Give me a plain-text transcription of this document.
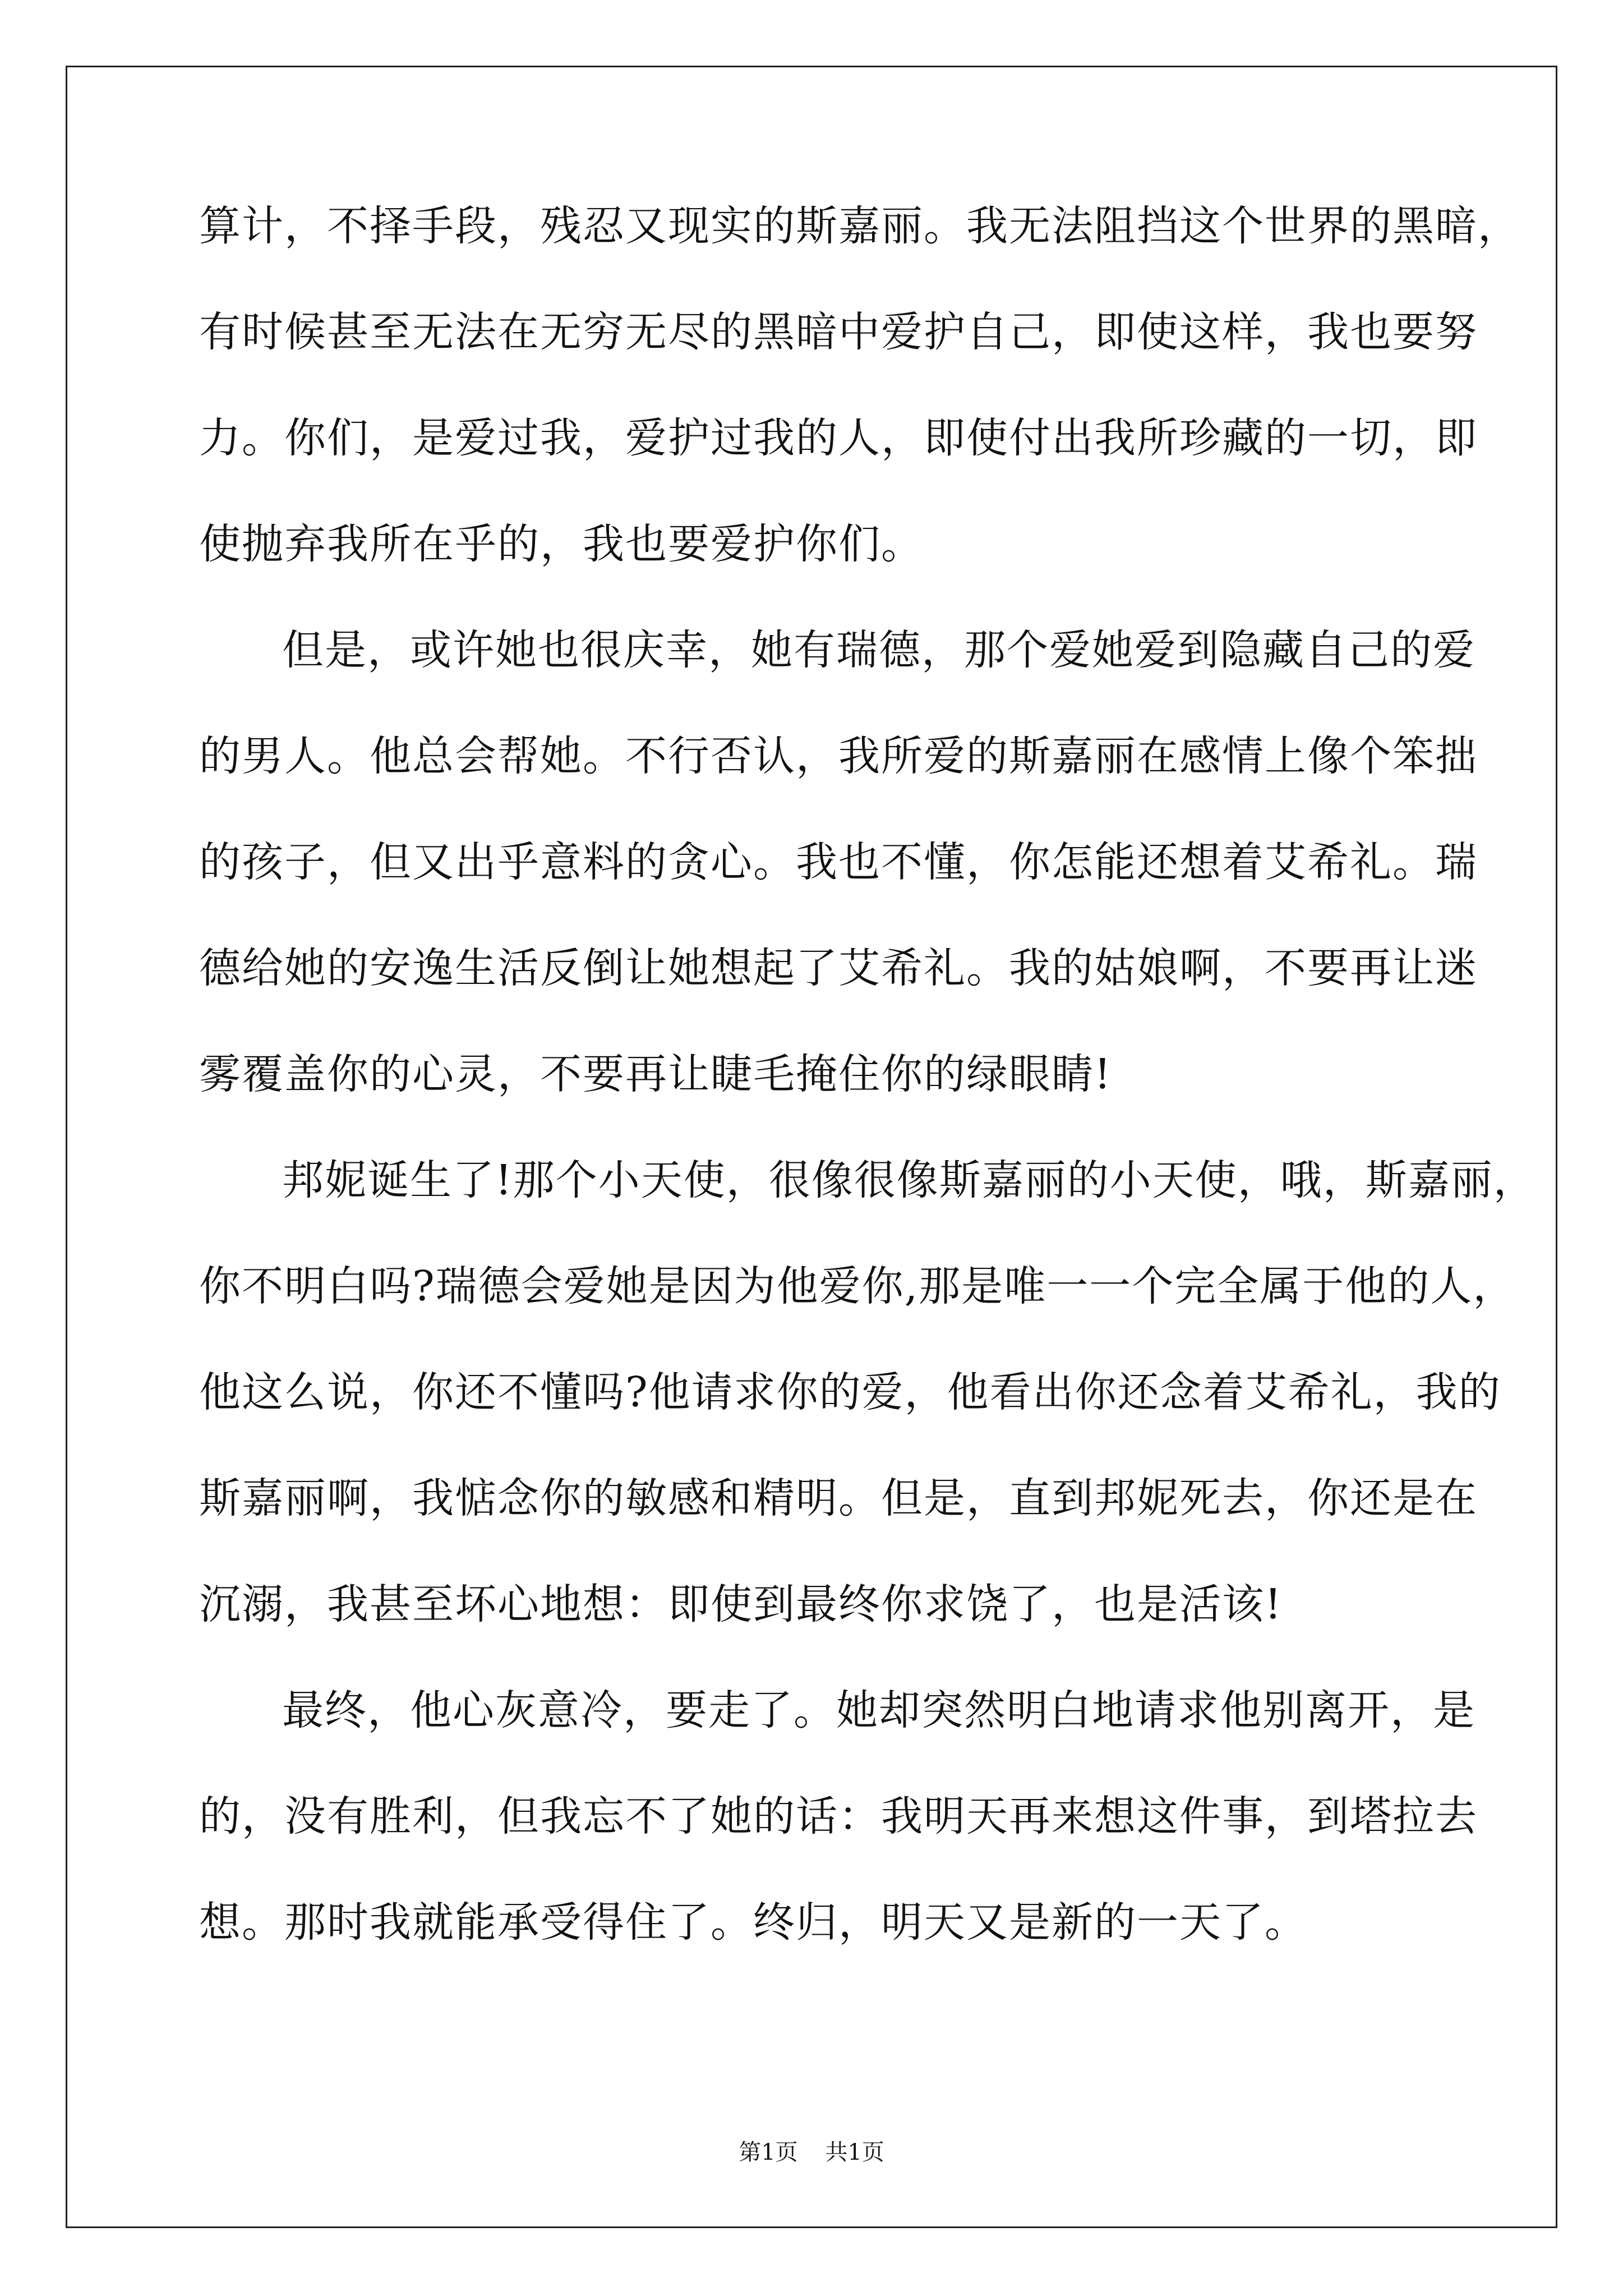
算计，不择手段，残忍又现实的斯嘉丽。我无法阻挡这个世界的黑暗，
有时候甚至无法在无穷无尽的黑暗中爱护自己，即使这样，我也要努
力。你们，是爱过我，爱护过我的人，即使付出我所珍藏的一切，即
使抛弃我所在乎的，我也要爱护你们。
但是，或许她也很庆幸，她有瑞德，那个爱她爱到隐藏自己的爱
的男人。他总会帮她。不行否认，我所爱的斯嘉丽在感情上像个笨拙
的孩子，但又出乎意料的贪心。我也不懂，你怎能还想着艾希礼。瑞
德给她的安逸生活反倒让她想起了艾希礼。我的姑娘啊，不要再让迷
雾覆盖你的心灵，不要再让睫毛掩住你的绿眼睛!
邦妮诞生了!那个小天使，很像很像斯嘉丽的小天使，哦，斯嘉丽，
你不明白吗?瑞德会爱她是因为他爱你,那是唯一一个完全属于他的人，
他这么说，你还不懂吗?他请求你的爱，他看出你还念着艾希礼，我的
斯嘉丽啊，我惦念你的敏感和精明。但是，直到邦妮死去，你还是在
沉溺，我甚至坏心地想：即使到最终你求饶了，也是活该!
最终，他心灰意冷，要走了。她却突然明白地请求他别离开，是
的，没有胜利，但我忘不了她的话：我明天再来想这件事，到塔拉去
想。那时我就能承受得住了。终归，明天又是新的一天了。
第1页 共1页
